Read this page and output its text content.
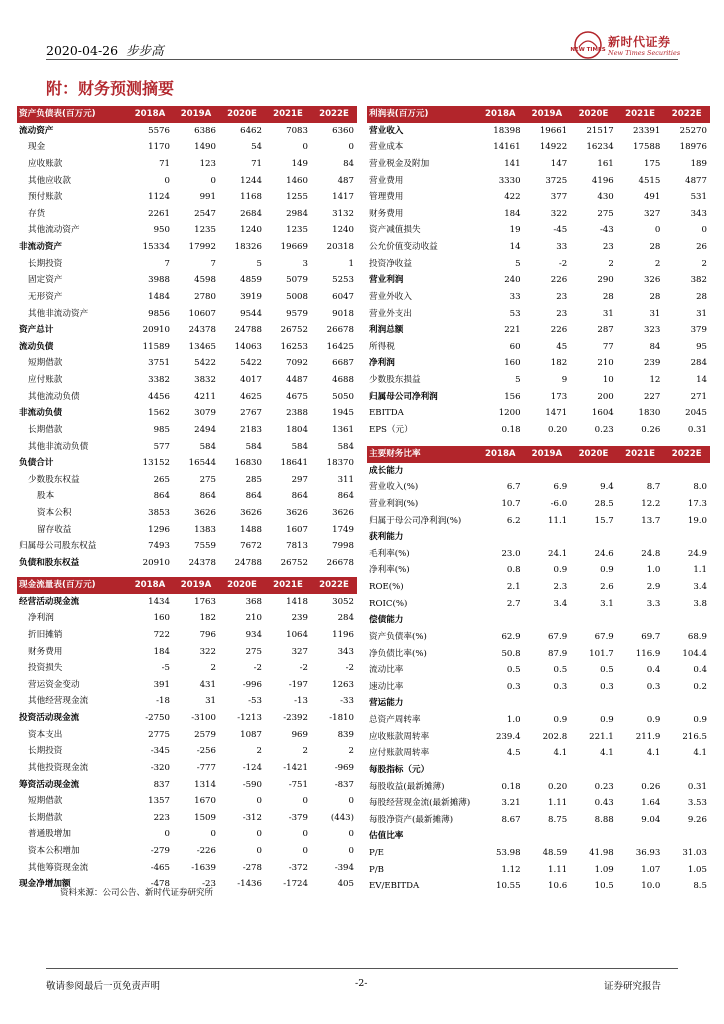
2020-04-26 步步高	NEW TIMES
新时代证券
New Times Securities
附：财务预测摘要
资产负债表(百万元)	2018A	2019A	2020E	2021E	2022E
流动资产	5576	6386	6462	7083	6360
现金	1170	1490	54	0	0
应收账款	71	123	71	149	84
其他应收款	0	0	1244	1460	487
预付账款	1124	991	1168	1255	1417
存货	2261	2547	2684	2984	3132
其他流动资产	950	1235	1240	1235	1240
非流动资产	15334	17992	18326	19669	20318
长期投资	7	7	5	3	1
固定资产	3988	4598	4859	5079	5253
无形资产	1484	2780	3919	5008	6047
其他非流动资产	9856	10607	9544	9579	9018
资产总计	20910	24378	24788	26752	26678
流动负债	11589	13465	14063	16253	16425
短期借款	3751	5422	5422	7092	6687
应付账款	3382	3832	4017	4487	4688
其他流动负债	4456	4211	4625	4675	5050
非流动负债	1562	3079	2767	2388	1945
长期借款	985	2494	2183	1804	1361
其他非流动负债	577	584	584	584	584
负债合计	13152	16544	16830	18641	18370
少数股东权益	265	275	285	297	311
股本	864	864	864	864	864
资本公积	3853	3626	3626	3626	3626
留存收益	1296	1383	1488	1607	1749
归属母公司股东权益	7493	7559	7672	7813	7998
负债和股东权益	20910	24378	24788	26752	26678
现金流量表(百万元)	2018A	2019A	2020E	2021E	2022E
经营活动现金流	1434	1763	368	1418	3052
净利润	160	182	210	239	284
折旧摊销	722	796	934	1064	1196
财务费用	184	322	275	327	343
投资损失	-5	2	-2	-2	-2
营运资金变动	391	431	-996	-197	1263
其他经营现金流	-18	31	-53	-13	-33
投资活动现金流	-2750	-3100	-1213	-2392	-1810
资本支出	2775	2579	1087	969	839
长期投资	-345	-256	2	2	2
其他投资现金流	-320	-777	-124	-1421	-969
筹资活动现金流	837	1314	-590	-751	-837
短期借款	1357	1670	0	0	0
长期借款	223	1509	-312	-379	(443)
普通股增加	0	0	0	0	0
资本公积增加	-279	-226	0	0	0
其他筹资现金流	-465	-1639	-278	-372	-394
现金净增加额	-478	-23	-1436	-1724	405
利润表(百万元)	2018A	2019A	2020E	2021E	2022E
营业收入	18398	19661	21517	23391	25270
营业成本	14161	14922	16234	17588	18976
营业税金及附加	141	147	161	175	189
营业费用	3330	3725	4196	4515	4877
管理费用	422	377	430	491	531
财务费用	184	322	275	327	343
资产减值损失	19	-45	-43	0	0
公允价值变动收益	14	33	23	28	26
投资净收益	5	-2	2	2	2
营业利润	240	226	290	326	382
营业外收入	33	23	28	28	28
营业外支出	53	23	31	31	31
利润总额	221	226	287	323	379
所得税	60	45	77	84	95
净利润	160	182	210	239	284
少数股东损益	5	9	10	12	14
归属母公司净利润	156	173	200	227	271
EBITDA	1200	1471	1604	1830	2045
EPS（元）	0.18	0.20	0.23	0.26	0.31
主要财务比率	2018A	2019A	2020E	2021E	2022E
成长能力					
营业收入(%)	6.7	6.9	9.4	8.7	8.0
营业利润(%)	10.7	-6.0	28.5	12.2	17.3
归属于母公司净利润(%)	6.2	11.1	15.7	13.7	19.0
获利能力					
毛利率(%)	23.0	24.1	24.6	24.8	24.9
净利率(%)	0.8	0.9	0.9	1.0	1.1
ROE(%)	2.1	2.3	2.6	2.9	3.4
ROIC(%)	2.7	3.4	3.1	3.3	3.8
偿债能力					
资产负债率(%)	62.9	67.9	67.9	69.7	68.9
净负债比率(%)	50.8	87.9	101.7	116.9	104.4
流动比率	0.5	0.5	0.5	0.4	0.4
速动比率	0.3	0.3	0.3	0.3	0.2
营运能力					
总资产周转率	1.0	0.9	0.9	0.9	0.9
应收账款周转率	239.4	202.8	221.1	211.9	216.5
应付账款周转率	4.5	4.1	4.1	4.1	4.1
每股指标（元）					
每股收益(最新摊薄)	0.18	0.20	0.23	0.26	0.31
每股经营现金流(最新摊薄)	3.21	1.11	0.43	1.64	3.53
每股净资产(最新摊薄)	8.67	8.75	8.88	9.04	9.26
估值比率					
P/E	53.98	48.59	41.98	36.93	31.03
P/B	1.12	1.11	1.09	1.07	1.05
EV/EBITDA	10.55	10.6	10.5	10.0	8.5
资料来源：公司公告、新时代证券研究所
敬请参阅最后一页免责声明	-2-	证券研究报告
